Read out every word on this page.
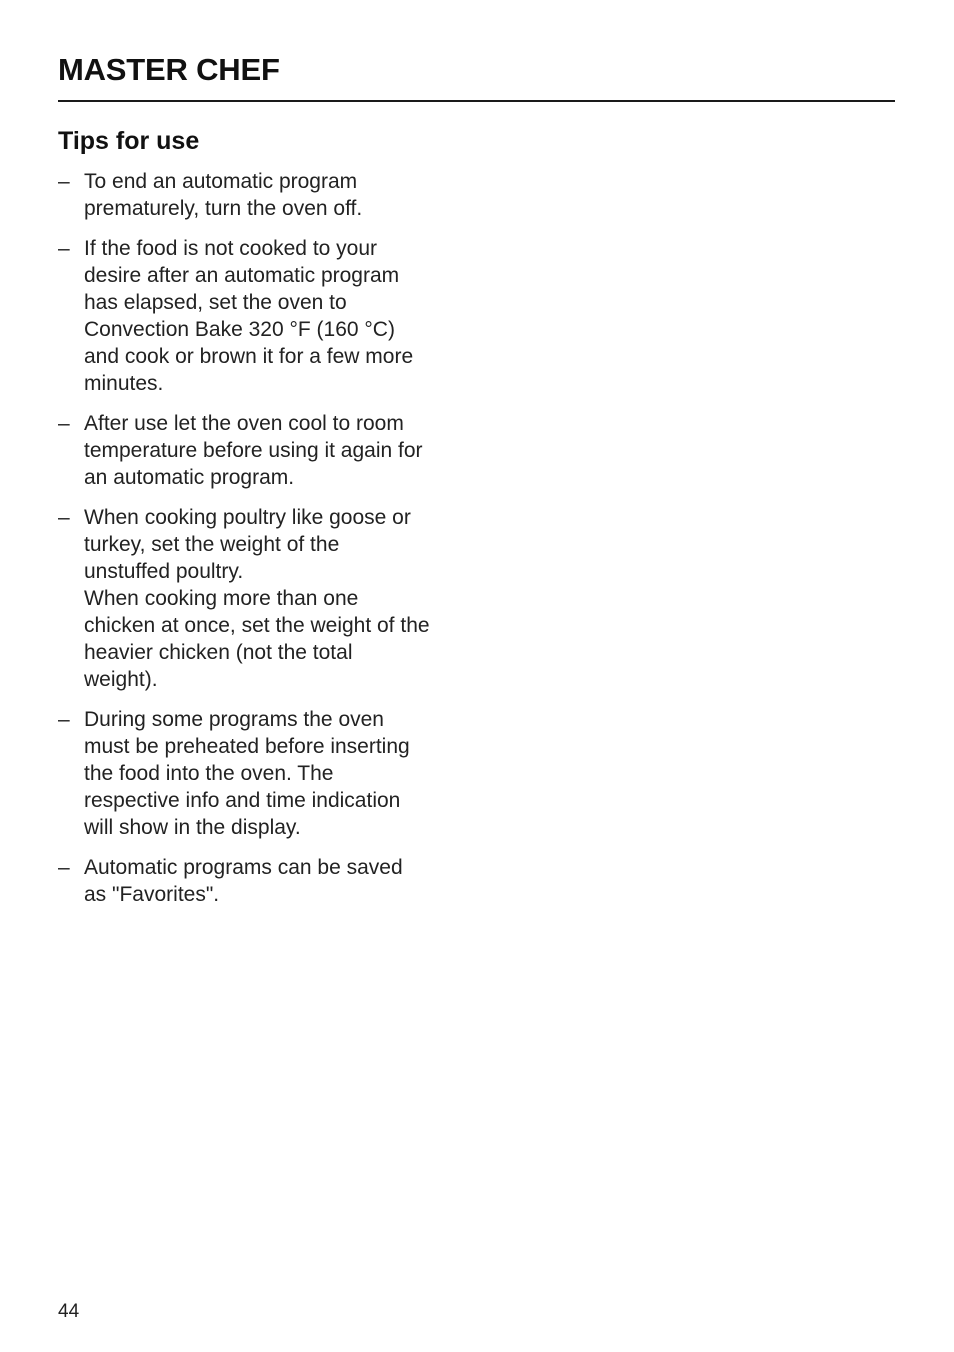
MASTER CHEF
Tips for use
– To end an automatic program
prematurely, turn the oven off.
– If the food is not cooked to your
desire after an automatic program
has elapsed, set the oven to
Convection Bake 320 °F (160 °C)
and cook or brown it for a few more
minutes.
– After use let the oven cool to room
temperature before using it again for
an automatic program.
– When cooking poultry like goose or
turkey, set the weight of the
unstuffed poultry.
When cooking more than one
chicken at once, set the weight of the
heavier chicken (not the total
weight).
– During some programs the oven
must be preheated before inserting
the food into the oven. The
respective info and time indication
will show in the display.
– Automatic programs can be saved
as "Favorites".
44
